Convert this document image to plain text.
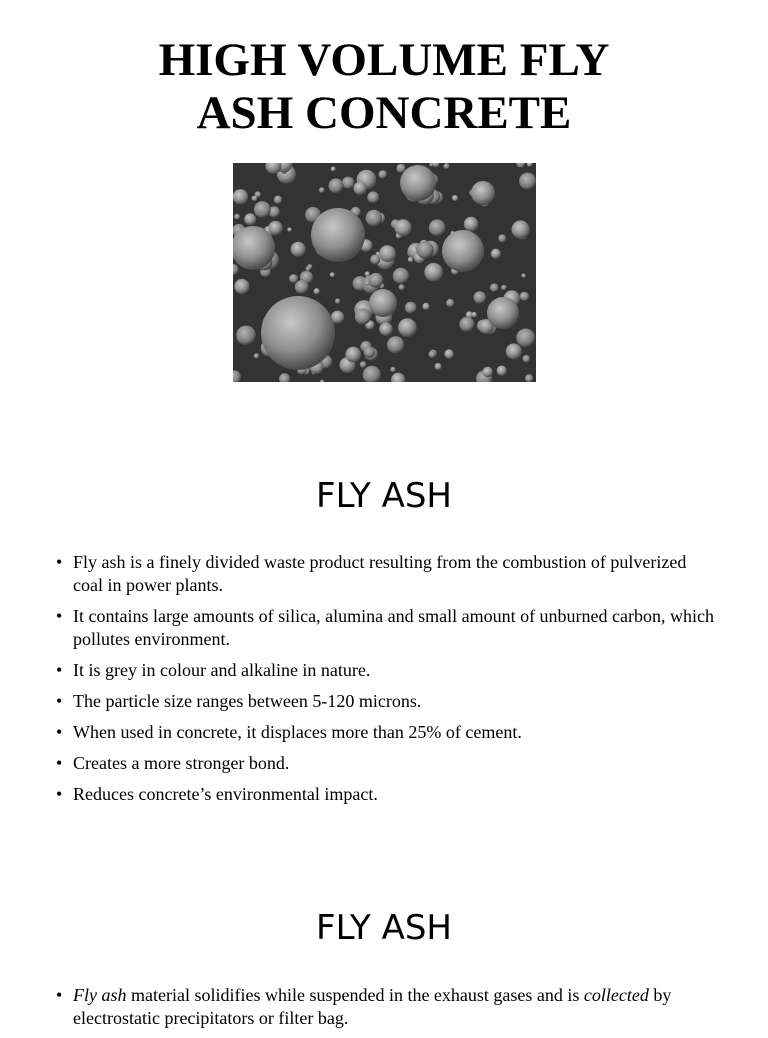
HIGH VOLUME FLY
ASH CONCRETE
FLY ASH
• Fly ash is a finely divided waste product resulting from the combustion of pulverized coal in power plants.
• It contains large amounts of silica, alumina and small amount of unburned carbon, which pollutes environment.
• It is grey in colour and alkaline in nature.
• The particle size ranges between 5-120 microns.
• When used in concrete, it displaces more than 25% of cement.
• Creates a more stronger bond.
• Reduces concrete’s environmental impact.
FLY ASH
• Fly ash material solidifies while suspended in the exhaust gases and is collected by electrostatic precipitators or filter bag.
